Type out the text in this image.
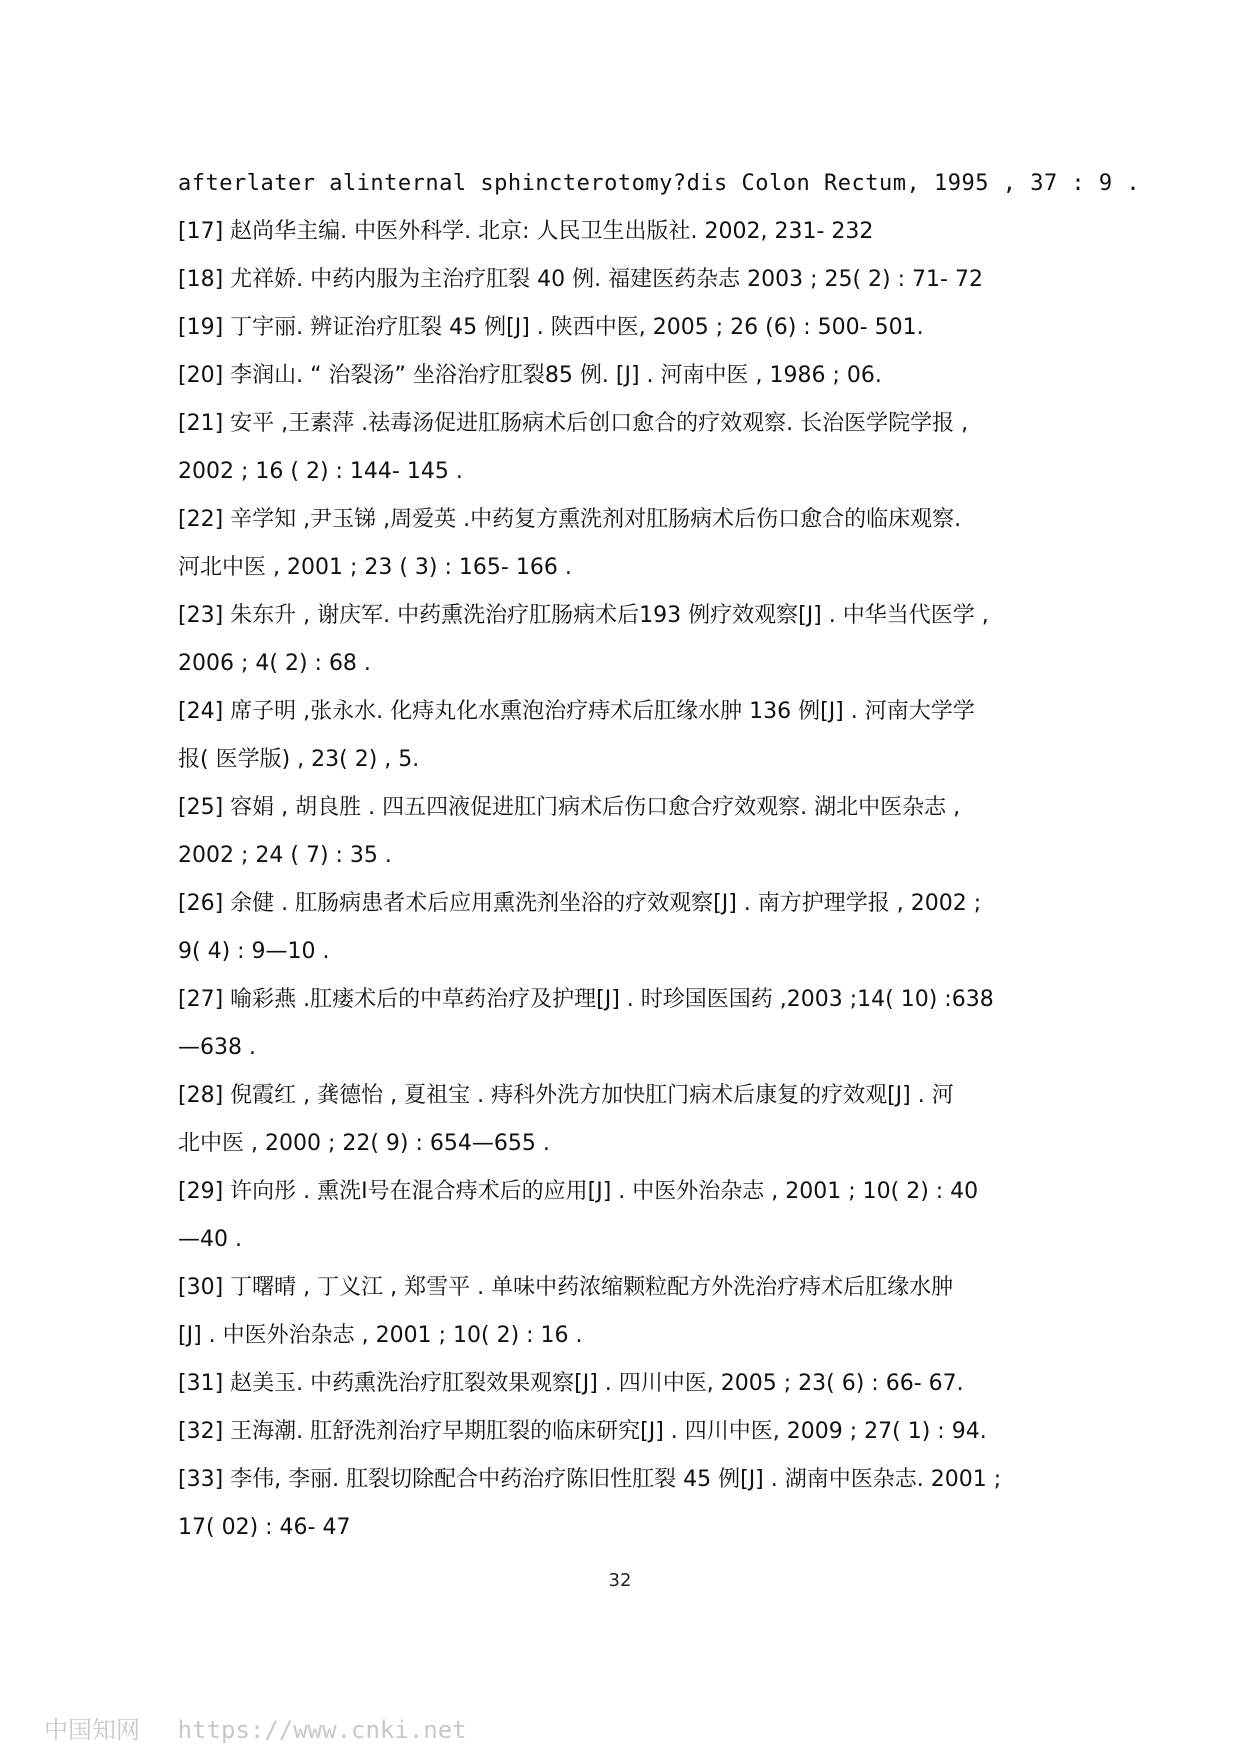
afterlater alinternal sphincterotomy?dis Colon Rectum, 1995 , 37 : 9 .
[17] 赵尚华主编. 中医外科学. 北京: 人民卫生出版社. 2002, 231- 232
[18] 尤祥娇. 中药内服为主治疗肛裂 40 例. 福建医药杂志 2003 ; 25( 2) : 71- 72
[19] 丁宇丽. 辨证治疗肛裂 45 例[J] . 陕西中医, 2005 ; 26 (6) : 500- 501.
[20] 李润山. “ 治裂汤” 坐浴治疗肛裂85 例. [J] . 河南中医 , 1986 ; 06.
[21] 安平 ,王素萍 .祛毒汤促进肛肠病术后创口愈合的疗效观察. 长治医学院学报 ,
2002 ; 16 ( 2) : 144- 145 .
[22] 辛学知 ,尹玉锑 ,周爱英 .中药复方熏洗剂对肛肠病术后伤口愈合的临床观察.
河北中医 , 2001 ; 23 ( 3) : 165- 166 .
[23] 朱东升 , 谢庆军. 中药熏洗治疗肛肠病术后193 例疗效观察[J] . 中华当代医学 ,
2006 ; 4( 2) : 68 .
[24] 席子明 ,张永水. 化痔丸化水熏泡治疗痔术后肛缘水肿 136 例[J] . 河南大学学
报( 医学版) , 23( 2) , 5.
[25] 容娟 , 胡良胜 . 四五四液促进肛门病术后伤口愈合疗效观察. 湖北中医杂志 ,
2002 ; 24 ( 7) : 35 .
[26] 余健 . 肛肠病患者术后应用熏洗剂坐浴的疗效观察[J] . 南方护理学报 , 2002 ;
9( 4) : 9—10 .
[27] 喻彩燕 .肛瘘术后的中草药治疗及护理[J] . 时珍国医国药 ,2003 ;14( 10) :638
—638 .
[28] 倪霞红 , 龚德怡 , 夏祖宝 . 痔科外洗方加快肛门病术后康复的疗效观[J] . 河
北中医 , 2000 ; 22( 9) : 654—655 .
[29] 许向彤 . 熏洗Ⅰ号在混合痔术后的应用[J] . 中医外治杂志 , 2001 ; 10( 2) : 40
—40 .
[30] 丁曙晴 , 丁义江 , 郑雪平 . 单味中药浓缩颗粒配方外洗治疗痔术后肛缘水肿
[J] . 中医外治杂志 , 2001 ; 10( 2) : 16 .
[31] 赵美玉. 中药熏洗治疗肛裂效果观察[J] . 四川中医, 2005 ; 23( 6) : 66- 67.
[32] 王海潮. 肛舒洗剂治疗早期肛裂的临床研究[J] . 四川中医, 2009 ; 27( 1) : 94.
[33] 李伟, 李丽. 肛裂切除配合中药治疗陈旧性肛裂 45 例[J] . 湖南中医杂志. 2001 ;
17( 02) : 46- 47
32
中国知网 https://www.cnki.net
